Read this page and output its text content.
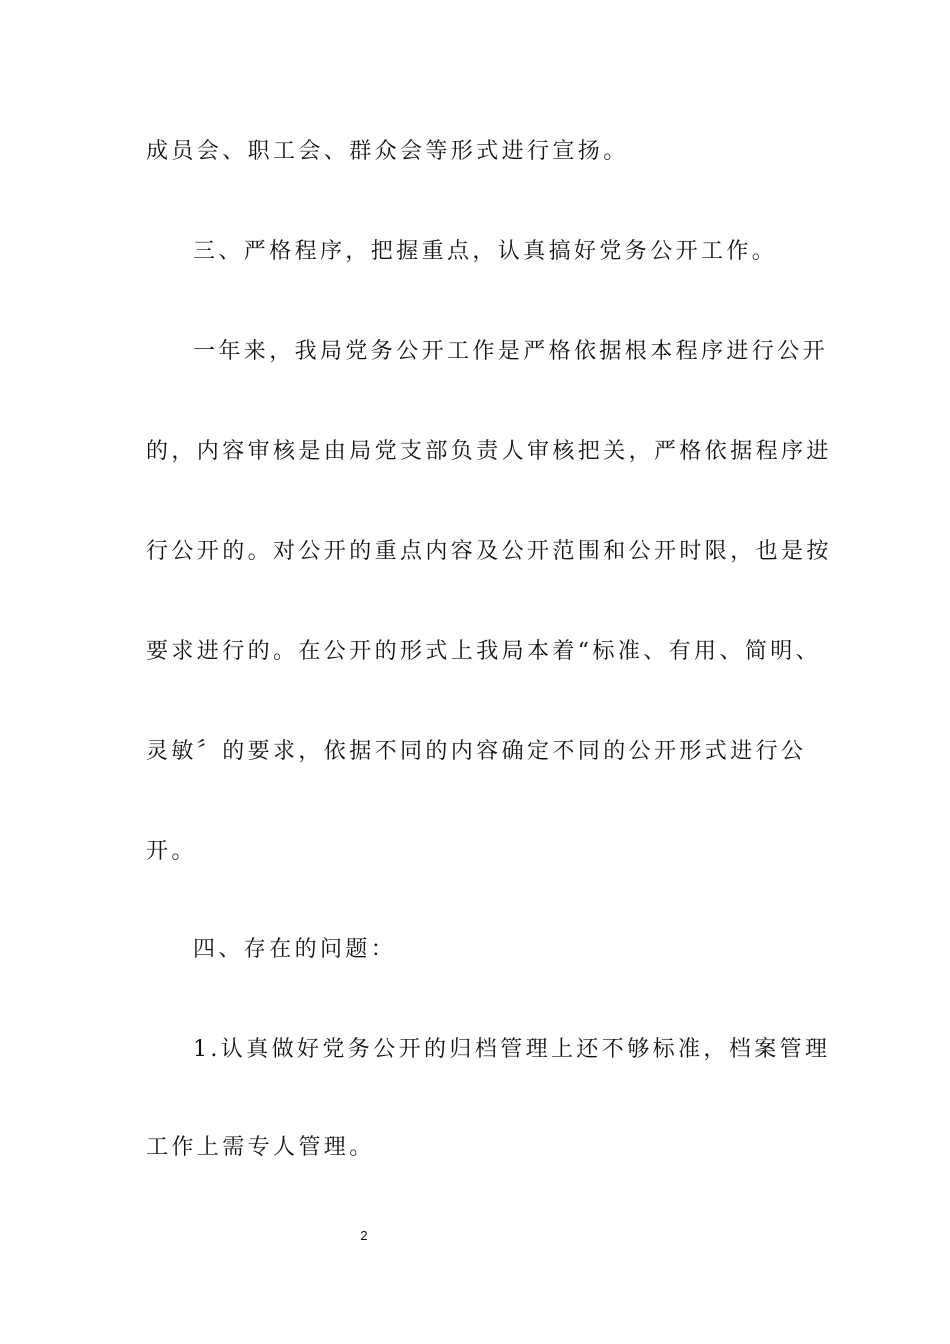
成员会、职工会、群众会等形式进行宣扬。
三、严格程序，把握重点，认真搞好党务公开工作。
一年来，我局党务公开工作是严格依据根本程序进行公开
的，内容审核是由局党支部负责人审核把关，严格依据程序进
行公开的。对公开的重点内容及公开范围和公开时限，也是按
要求进行的。在公开的形式上我局本着“标准、有用、简明、
灵敏〞的要求，依据不同的内容确定不同的公开形式进行公
开。
四、存在的问题：
1.认真做好党务公开的归档管理上还不够标准，档案管理
工作上需专人管理。
2
